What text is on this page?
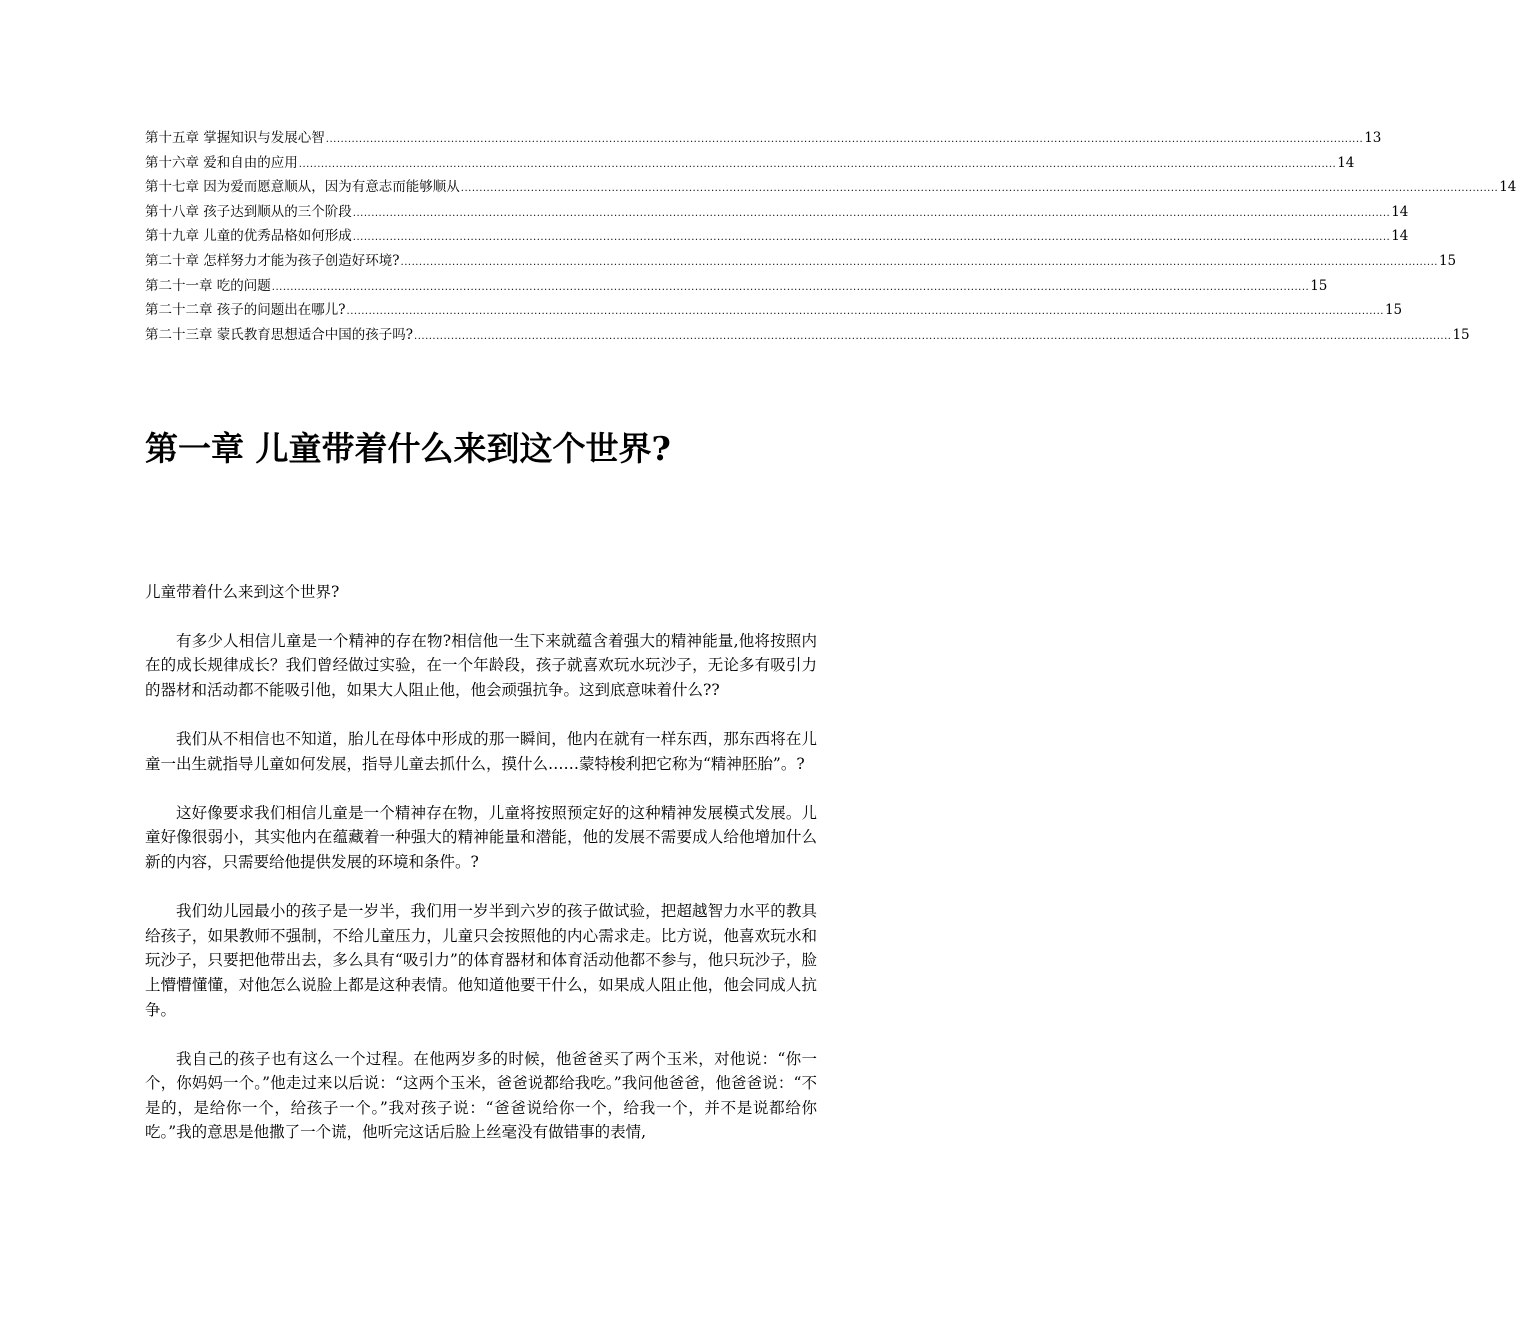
第十五章 掌握知识与发展心智 .......................................................................................................................................................................................................................................................................................... 13
第十六章 爱和自由的应用 .......................................................................................................................................................................................................................................................................................... 14
第十七章 因为爱而愿意顺从，因为有意志而能够顺从 .......................................................................................................................................................................................................................................................................................... 14
第十八章 孩子达到顺从的三个阶段 .......................................................................................................................................................................................................................................................................................... 14
第十九章 儿童的优秀品格如何形成 .......................................................................................................................................................................................................................................................................................... 14
第二十章 怎样努力才能为孩子创造好环境? .......................................................................................................................................................................................................................................................................................... 15
第二十一章 吃的问题 .......................................................................................................................................................................................................................................................................................... 15
第二十二章 孩子的问题出在哪儿? .......................................................................................................................................................................................................................................................................................... 15
第二十三章 蒙氏教育思想适合中国的孩子吗? .......................................................................................................................................................................................................................................................................................... 15
第一章 儿童带着什么来到这个世界?

儿童带着什么来到这个世界?

有多少人相信儿童是一个精神的存在物?相信他一生下来就蕴含着强大的精神能量,他将按照内在的成长规律成长？我们曾经做过实验，在一个年龄段，孩子就喜欢玩水玩沙子，无论多有吸引力的器材和活动都不能吸引他，如果大人阻止他，他会顽强抗争。这到底意味着什么??

我们从不相信也不知道，胎儿在母体中形成的那一瞬间，他内在就有一样东西，那东西将在儿童一出生就指导儿童如何发展，指导儿童去抓什么，摸什么……蒙特梭利把它称为“精神胚胎”。?

这好像要求我们相信儿童是一个精神存在物，儿童将按照预定好的这种精神发展模式发展。儿童好像很弱小，其实他内在蕴藏着一种强大的精神能量和潜能，他的发展不需要成人给他增加什么新的内容，只需要给他提供发展的环境和条件。?

我们幼儿园最小的孩子是一岁半，我们用一岁半到六岁的孩子做试验，把超越智力水平的教具给孩子，如果教师不强制，不给儿童压力，儿童只会按照他的内心需求走。比方说，他喜欢玩水和玩沙子，只要把他带出去，多么具有“吸引力”的体育器材和体育活动他都不参与，他只玩沙子，脸上懵懵懂懂，对他怎么说脸上都是这种表情。他知道他要干什么，如果成人阻止他，他会同成人抗争。

我自己的孩子也有这么一个过程。在他两岁多的时候，他爸爸买了两个玉米，对他说：“你一个，你妈妈一个。”他走过来以后说：“这两个玉米，爸爸说都给我吃。”我问他爸爸，他爸爸说：“不是的，是给你一个，给孩子一个。”我对孩子说：“爸爸说给你一个，给我一个，并不是说都给你吃。”我的意思是他撒了一个谎，他听完这话后脸上丝毫没有做错事的表情,
